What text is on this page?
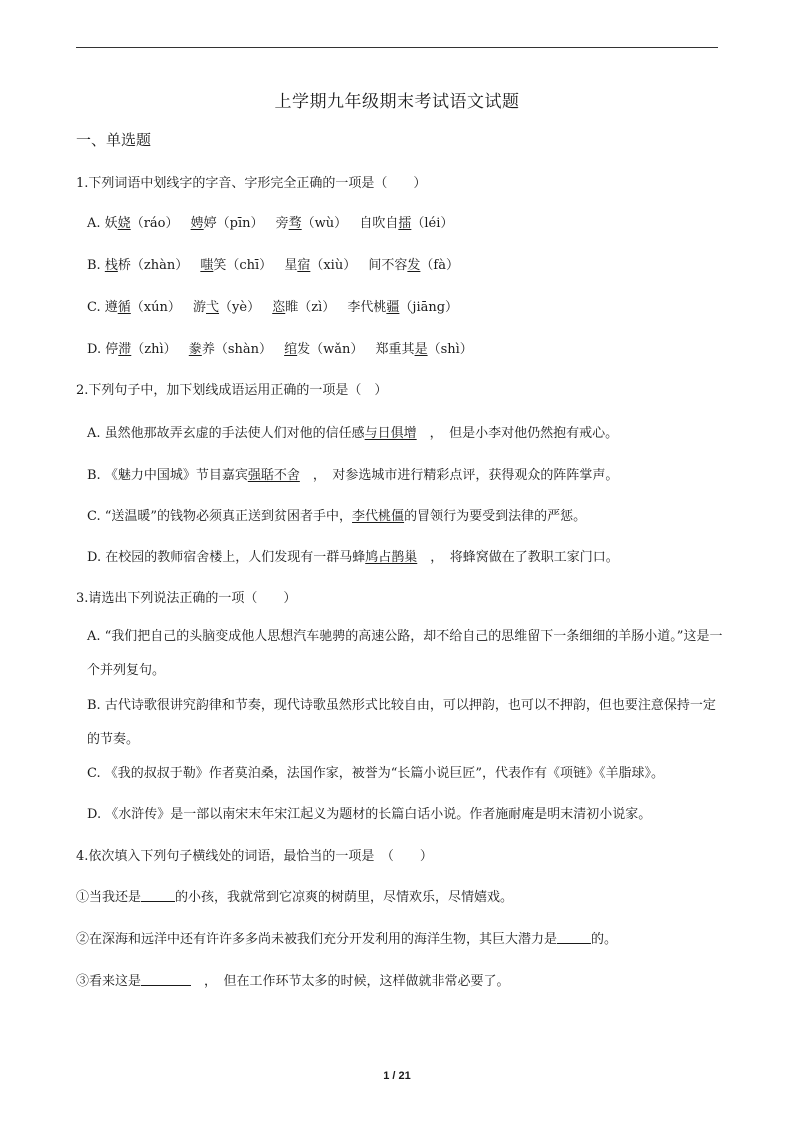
上学期九年级期末考试语文试题
一、单选题
1.下列词语中划线字的字音、字形完全正确的一项是（　　）
A. 妖娆（ráo） 娉婷（pīn） 旁骛（wù） 自吹自擂（léi）
B. 栈桥（zhàn） 嗤笑（chī） 星宿（xiù） 间不容发（fà）
C. 遵循（xún） 游弋（yè） 恣睢（zì） 李代桃疆（jiāng）
D. 停滞（zhì） 豢养（shàn） 绾发（wǎn） 郑重其是（shì）
2.下列句子中，加下划线成语运用正确的一项是（　）
A. 虽然他那故弄玄虚的手法使人们对他的信任感与日俱增　，　但是小李对他仍然抱有戒心。
B. 《魅力中国城》节目嘉宾强聒不舍　，　对参选城市进行精彩点评，获得观众的阵阵掌声。
C. “送温暖”的钱物必须真正送到贫困者手中，李代桃僵的冒领行为要受到法律的严惩。
D. 在校园的教师宿舍楼上，人们发现有一群马蜂鸠占鹊巢　，　将蜂窝做在了教职工家门口。
3.请选出下列说法正确的一项（　　）
A. “我们把自己的头脑变成他人思想汽车驰骋的高速公路，却不给自己的思维留下一条细细的羊肠小道。”这是一个并列复句。
B. 古代诗歌很讲究韵律和节奏，现代诗歌虽然形式比较自由，可以押韵，也可以不押韵，但也要注意保持一定的节奏。
C. 《我的叔叔于勒》作者莫泊桑，法国作家，被誉为“长篇小说巨匠”，代表作有《项链》《羊脂球》。
D. 《水浒传》是一部以南宋末年宋江起义为题材的长篇白话小说。作者施耐庵是明末清初小说家。
4.依次填入下列句子横线处的词语，最恰当的一项是　（　　）
①当我还是	的小孩，我就常到它凉爽的树荫里，尽情欢乐，尽情嬉戏。
②在深海和远洋中还有许许多多尚未被我们充分开发利用的海洋生物，其巨大潜力是	的。
③看来这是	　，　但在工作环节太多的时候，这样做就非常必要了。
1 / 21
